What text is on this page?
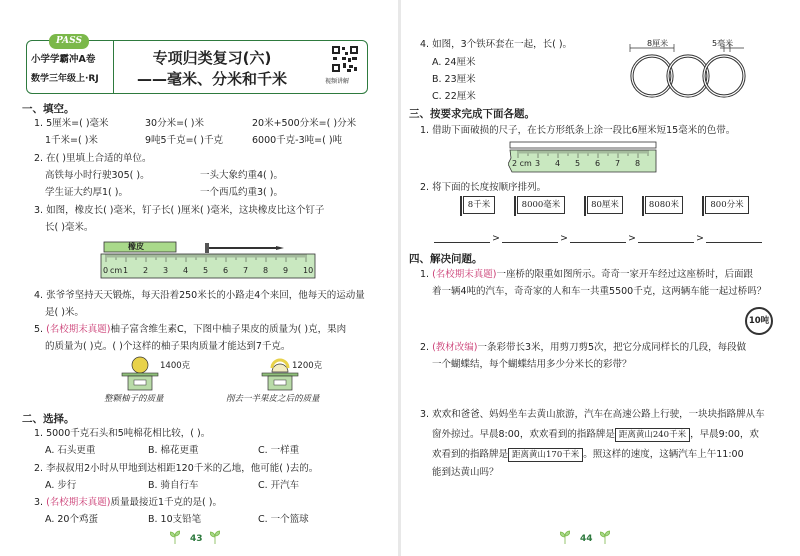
PASS
小学学霸冲A卷
数学三年级上·RJ
专项归类复习(六)
——毫米、分米和千米	视频讲解
一、填空。
1. 5厘米=( )毫米	30分米=( )米	20米+500分米=( )分米
1千米=( )米	9吨5千克=( )千克	6000千克-3吨=( )吨
2. 在( )里填上合适的单位。
高铁每小时行驶305( )。	一头大象约重4( )。
学生证大约厚1( )。	一个西瓜约重3( )。
3. 如图，橡皮长( )毫米，钉子长( )厘米( )毫米，这块橡皮比这个钉子
长( )毫米。
橡皮
0 1 2 3 4 5 6 7 8 9 10
cm
4. 张爷爷坚持天天锻炼，每天沿着250米长的小路走4个来回，他每天的运动量
是( )米。
5. (名校期末真题)柚子富含维生素C，下图中柚子果皮的质量为( )克，果肉
的质量为( )克。( )个这样的柚子果肉质量才能达到7千克。
1400克	1200克
整颗柚子的质量	削去一半果皮之后的质量
二、选择。
1. 5000千克石头和5吨棉花相比较，( )。
A. 石头更重	B. 棉花更重	C. 一样重
2. 李叔叔用2小时从甲地到达相距120千米的乙地，他可能( )去的。
A. 步行	B. 骑自行车	C. 开汽车
3. (名校期末真题)质量最接近1千克的是( )。
A. 20个鸡蛋	B. 10支铅笔	C. 一个篮球
43
4. 如图，3个铁环套在一起，长( )。
A. 24厘米
B. 23厘米
C. 22厘米
8厘米	5毫米
三、按要求完成下面各题。
1. 借助下面破损的尺子，在长方形纸条上涂一段比6厘米短15毫米的色带。
2 cm 3 4 5 6 7 8
2. 将下面的长度按顺序排列。
8千米	8000毫米	80厘米	8080米	800分米
>	>	>	>
四、解决问题。
1. (名校期末真题)一座桥的限重如图所示。奇奇一家开车经过这座桥时，后面跟
着一辆4吨的汽车，奇奇家的人和车一共重5500千克，这两辆车能一起过桥吗？
10吨
2. (教材改编)一条彩带长3米，用剪刀剪5次，把它分成同样长的几段，每段做
一个蝴蝶结，每个蝴蝶结用多少分米长的彩带？
3. 欢欢和爸爸、妈妈坐车去黄山旅游，汽车在高速公路上行驶，一块块指路牌从车
窗外掠过。早晨8:00，欢欢看到的指路牌是 距离黄山240千米 ，早晨9:00，欢
欢看到的指路牌是 距离黄山170千米 。照这样的速度，这辆汽车上午11:00
能到达黄山吗？
44
